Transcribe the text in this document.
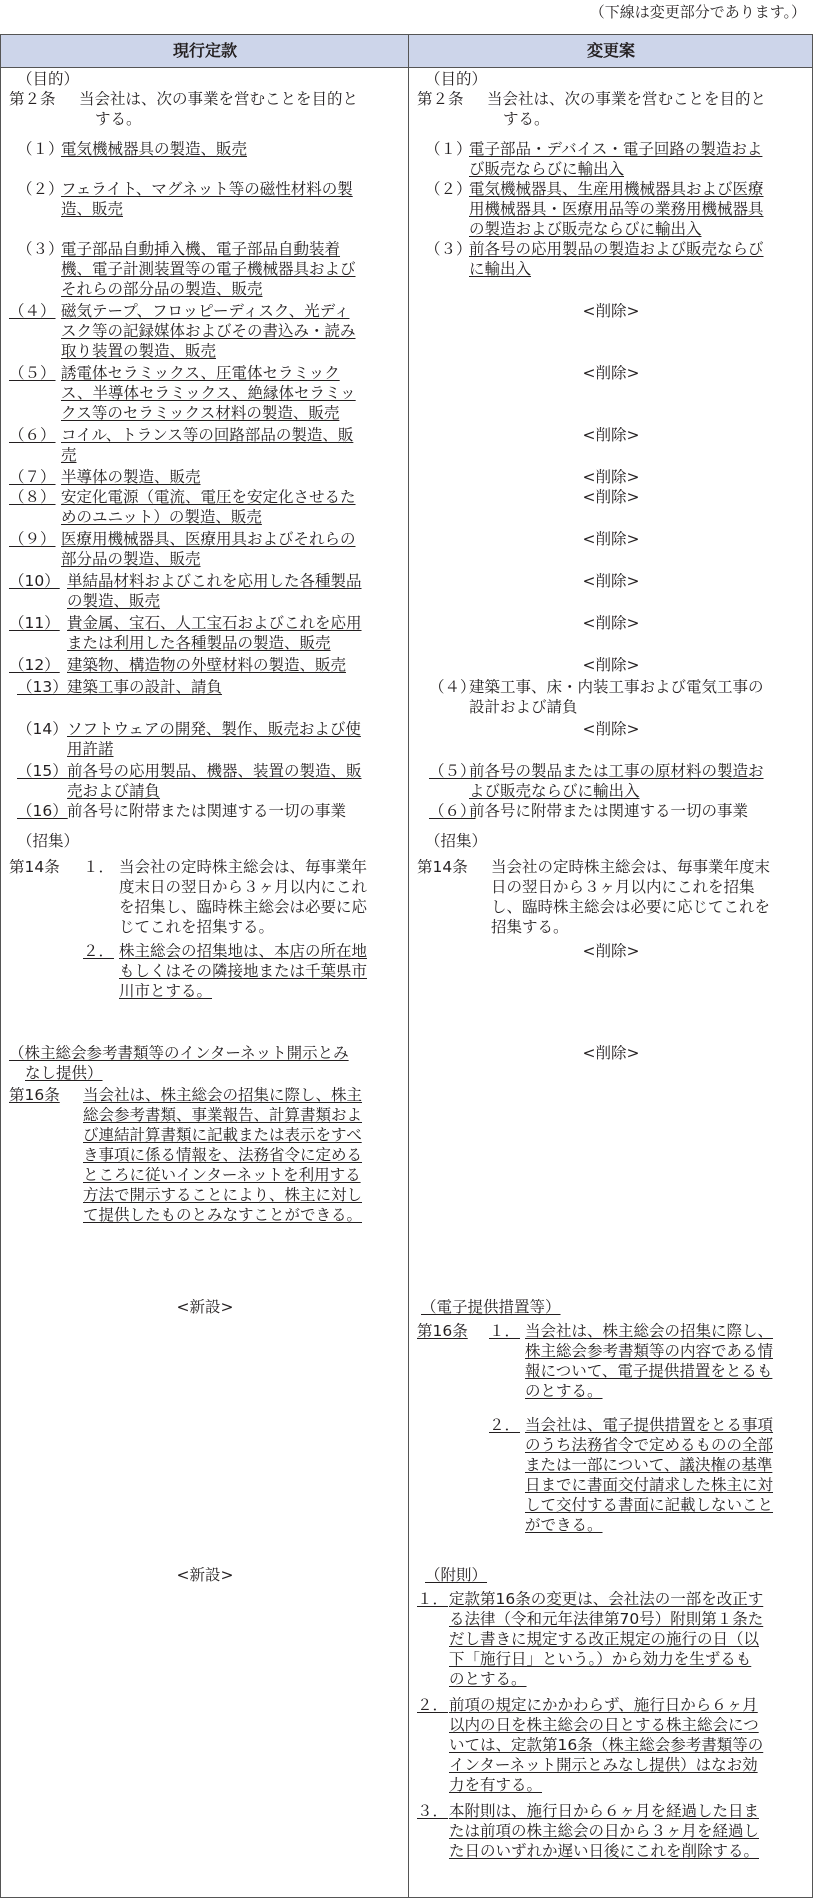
（下線は変更部分であります。）
現行定款	変更案
（目的）
第２条 当会社は、次の事業を営むことを目的と
する。
（１）
電気機械器具の製造、販売
（２）
フェライト、マグネット等の磁性材料の製
造、販売
（３）
電子部品自動挿入機、電子部品自動装着
機、電子計測装置等の電子機械器具および
それらの部分品の製造、販売
（４） 磁気テープ、フロッピーディスク、光ディ
スク等の記録媒体およびその書込み・読み
取り装置の製造、販売
（５） 誘電体セラミックス、圧電体セラミック
ス、半導体セラミックス、絶縁体セラミッ
クス等のセラミックス材料の製造、販売
（６） コイル、トランス等の回路部品の製造、販
売
（７） 半導体の製造、販売
（８） 安定化電源（電流、電圧を安定化させるた
めのユニット）の製造、販売
（９） 医療用機械器具、医療用具およびそれらの
部分品の製造、販売
（10） 単結晶材料およびこれを応用した各種製品
の製造、販売
（11） 貴金属、宝石、人工宝石およびこれを応用
または利用した各種製品の製造、販売
（12） 建築物、構造物の外壁材料の製造、販売
（13） 建築工事の設計、請負
（14） ソフトウェアの開発、製作、販売および使
用許諾
（15） 前各号の応用製品、機器、装置の製造、販
売および請負
（16） 前各号に附帯または関連する一切の事業
（招集）
第14条 １． 当会社の定時株主総会は、毎事業年
度末日の翌日から３ヶ月以内にこれ
を招集し、臨時株主総会は必要に応
じてこれを招集する。
２． 株主総会の招集地は、本店の所在地
もしくはその隣接地または千葉県市
川市とする。
（株主総会参考書類等のインターネット開示とみ
なし提供）
第16条 当会社は、株主総会の招集に際し、株主
総会参考書類、事業報告、計算書類およ
び連結計算書類に記載または表示をすべ
き事項に係る情報を、法務省令に定める
ところに従いインターネットを利用する
方法で開示することにより、株主に対し
て提供したものとみなすことができる。
<新設>
<新設>
（目的）
第２条 当会社は、次の事業を営むことを目的と
する。
（１）
電子部品・デバイス・電子回路の製造およ
び販売ならびに輸出入
（２）
電気機械器具、生産用機械器具および医療
用機械器具・医療用品等の業務用機械器具
の製造および販売ならびに輸出入
（３）
前各号の応用製品の製造および販売ならび
に輸出入
<削除>
<削除>
<削除>
<削除>
<削除>
<削除>
<削除>
<削除>
<削除>
（４）
建築工事、床・内装工事および電気工事の
設計および請負
<削除>
（５）
前各号の製品または工事の原材料の製造お
よび販売ならびに輸出入
（６）
前各号に附帯または関連する一切の事業
（招集）
第14条 当会社の定時株主総会は、毎事業年度末
日の翌日から３ヶ月以内にこれを招集
し、臨時株主総会は必要に応じてこれを
招集する。
<削除>
<削除>
（電子提供措置等）
第16条 １． 当会社は、株主総会の招集に際し、
株主総会参考書類等の内容である情
報について、電子提供措置をとるも
のとする。
２． 当会社は、電子提供措置をとる事項
のうち法務省令で定めるものの全部
または一部について、議決権の基準
日までに書面交付請求した株主に対
して交付する書面に記載しないこと
ができる。
（附則）
１． 定款第16条の変更は、会社法の一部を改正す
る法律（令和元年法律第70号）附則第１条た
だし書きに規定する改正規定の施行の日（以
下「施行日」という。）から効力を生ずるも
のとする。
２． 前項の規定にかかわらず、施行日から６ヶ月
以内の日を株主総会の日とする株主総会につ
いては、定款第16条（株主総会参考書類等の
インターネット開示とみなし提供）はなお効
力を有する。
３． 本附則は、施行日から６ヶ月を経過した日ま
たは前項の株主総会の日から３ヶ月を経過し
た日のいずれか遅い日後にこれを削除する。
